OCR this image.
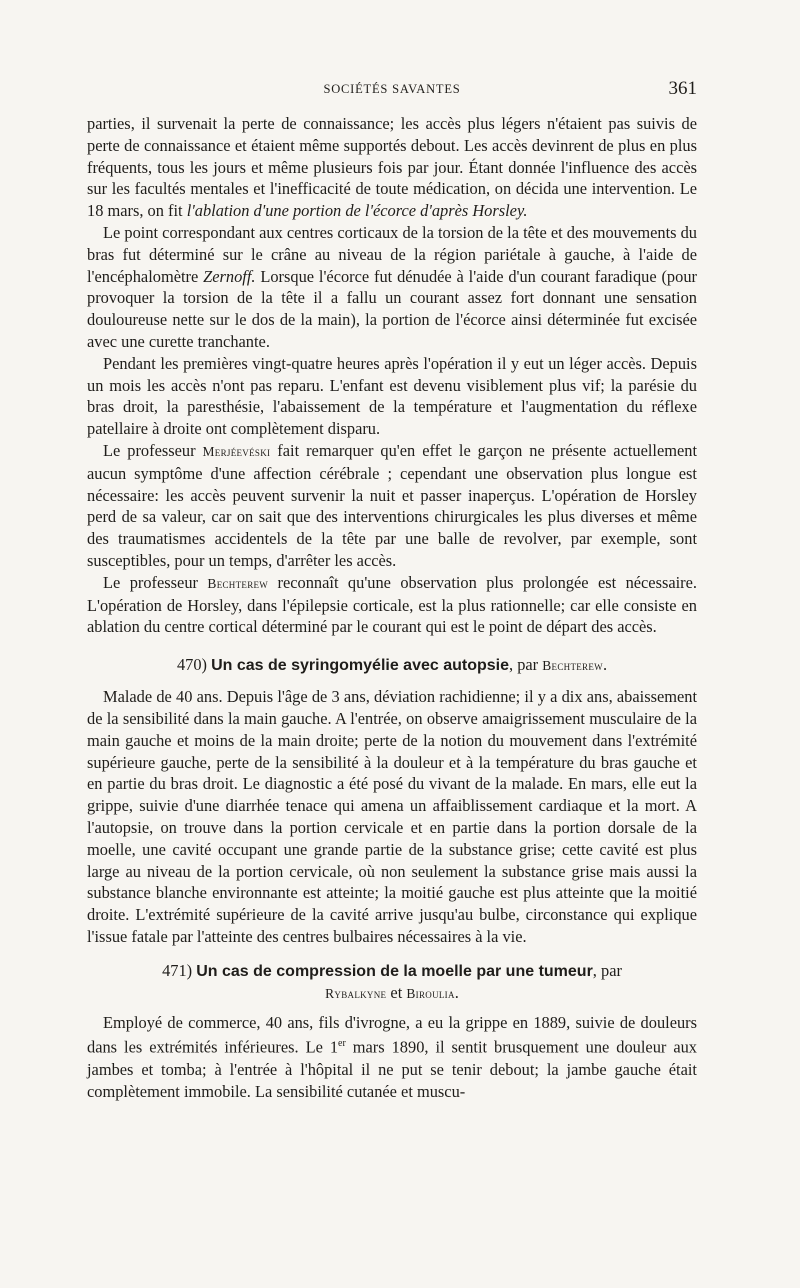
SOCIÉTÉS SAVANTES	361

parties, il survenait la perte de connaissance; les accès plus légers n'étaient pas suivis de perte de connaissance et étaient même supportés debout. Les accès devinrent de plus en plus fréquents, tous les jours et même plusieurs fois par jour. Étant donnée l'influence des accès sur les facultés mentales et l'inefficacité de toute médication, on décida une intervention. Le 18 mars, on fit l'ablation d'une portion de l'écorce d'après Horsley.

Le point correspondant aux centres corticaux de la torsion de la tête et des mouvements du bras fut déterminé sur le crâne au niveau de la région pariétale à gauche, à l'aide de l'encéphalomètre Zernoff. Lorsque l'écorce fut dénudée à l'aide d'un courant faradique (pour provoquer la torsion de la tête il a fallu un courant assez fort donnant une sensation douloureuse nette sur le dos de la main), la portion de l'écorce ainsi déterminée fut excisée avec une curette tranchante.

Pendant les premières vingt-quatre heures après l'opération il y eut un léger accès. Depuis un mois les accès n'ont pas reparu. L'enfant est devenu visiblement plus vif; la parésie du bras droit, la paresthésie, l'abaissement de la température et l'augmentation du réflexe patellaire à droite ont complètement disparu.

Le professeur Merjéevéski fait remarquer qu'en effet le garçon ne présente actuellement aucun symptôme d'une affection cérébrale ; cependant une observation plus longue est nécessaire: les accès peuvent survenir la nuit et passer inaperçus. L'opération de Horsley perd de sa valeur, car on sait que des interventions chirurgicales les plus diverses et même des traumatismes accidentels de la tête par une balle de revolver, par exemple, sont susceptibles, pour un temps, d'arrêter les accès.

Le professeur Bechterew reconnaît qu'une observation plus prolongée est nécessaire. L'opération de Horsley, dans l'épilepsie corticale, est la plus rationnelle; car elle consiste en ablation du centre cortical déterminé par le courant qui est le point de départ des accès.

470) Un cas de syringomyélie avec autopsie, par Bechterew.

Malade de 40 ans. Depuis l'âge de 3 ans, déviation rachidienne; il y a dix ans, abaissement de la sensibilité dans la main gauche. A l'entrée, on observe amaigrissement musculaire de la main gauche et moins de la main droite; perte de la notion du mouvement dans l'extrémité supérieure gauche, perte de la sensibilité à la douleur et à la température du bras gauche et en partie du bras droit. Le diagnostic a été posé du vivant de la malade. En mars, elle eut la grippe, suivie d'une diarrhée tenace qui amena un affaiblissement cardiaque et la mort. A l'autopsie, on trouve dans la portion cervicale et en partie dans la portion dorsale de la moelle, une cavité occupant une grande partie de la substance grise; cette cavité est plus large au niveau de la portion cervicale, où non seulement la substance grise mais aussi la substance blanche environnante est atteinte; la moitié gauche est plus atteinte que la moitié droite. L'extrémité supérieure de la cavité arrive jusqu'au bulbe, circonstance qui explique l'issue fatale par l'atteinte des centres bulbaires nécessaires à la vie.

471) Un cas de compression de la moelle par une tumeur, par
Rybalkyne et Biroulia.

Employé de commerce, 40 ans, fils d'ivrogne, a eu la grippe en 1889, suivie de douleurs dans les extrémités inférieures. Le 1er mars 1890, il sentit brusquement une douleur aux jambes et tomba; à l'entrée à l'hôpital il ne put se tenir debout; la jambe gauche était complètement immobile. La sensibilité cutanée et muscu-
